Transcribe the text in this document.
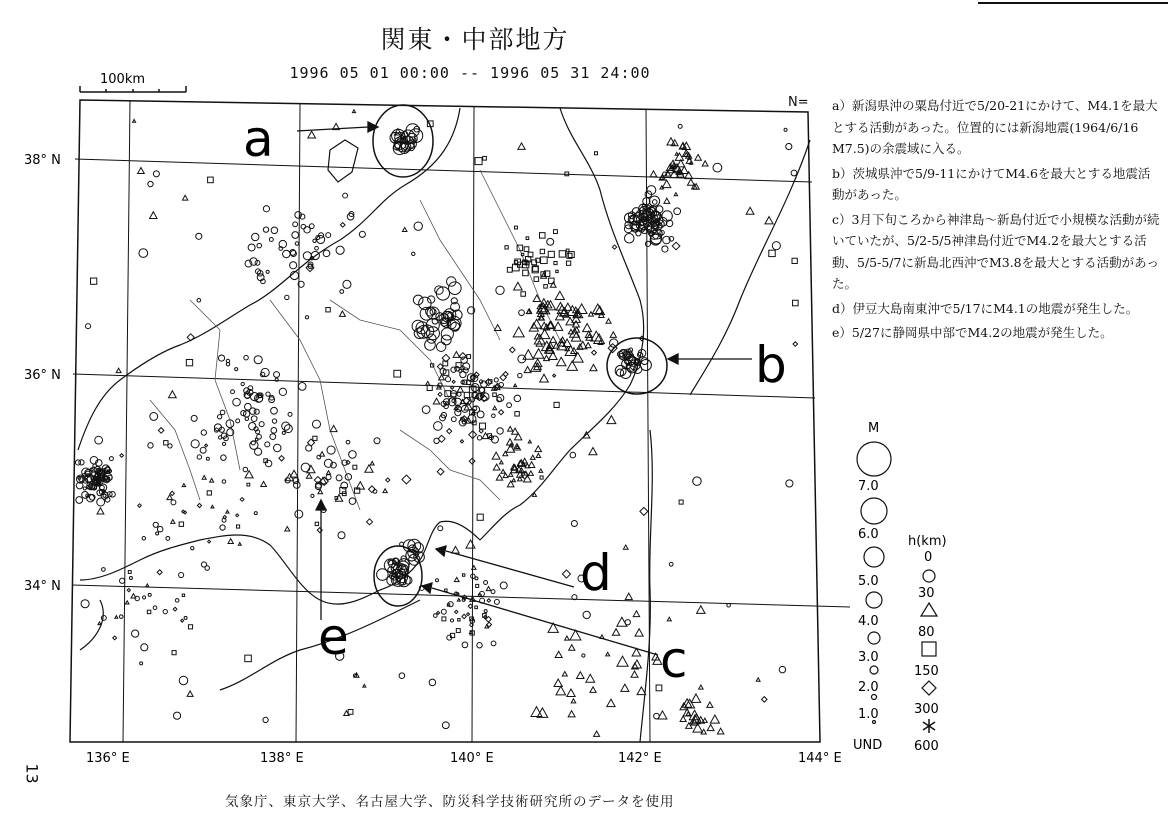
関東・中部地方
1996 05 01 00:00 -- 1996 05 31 24:00
N= a）新潟県沖の粟島付近で5/20-21にかけて、M4.1を最大とする活動があった。位置的には新潟地震(1964/6/16 M7.5)の余震域に入る。

b）茨城県沖で5/9-11にかけてM4.6を最大とする地震活動があった。

c）3月下旬ころから神津島～新島付近で小規模な活動が続いていたが、5/2-5/5神津島付近でM4.2を最大とする活動、5/5-5/7に新島北西沖でM3.8を最大とする活動があった。

d）伊豆大島南東沖で5/17にM4.1の地震が発生した。

e）5/27に静岡県中部でM4.2の地震が発生した。

100km
38° N
36° N
34° N
136° E	138° E	140° E	142° E	144° E
a
b
c
d
e
M
7.0
6.0
5.0
4.0
3.0
2.0
1.0
UND
h(km)
0
30
80
150
300
600
気象庁、東京大学、名古屋大学、防災科学技術研究所のデータを使用
13
